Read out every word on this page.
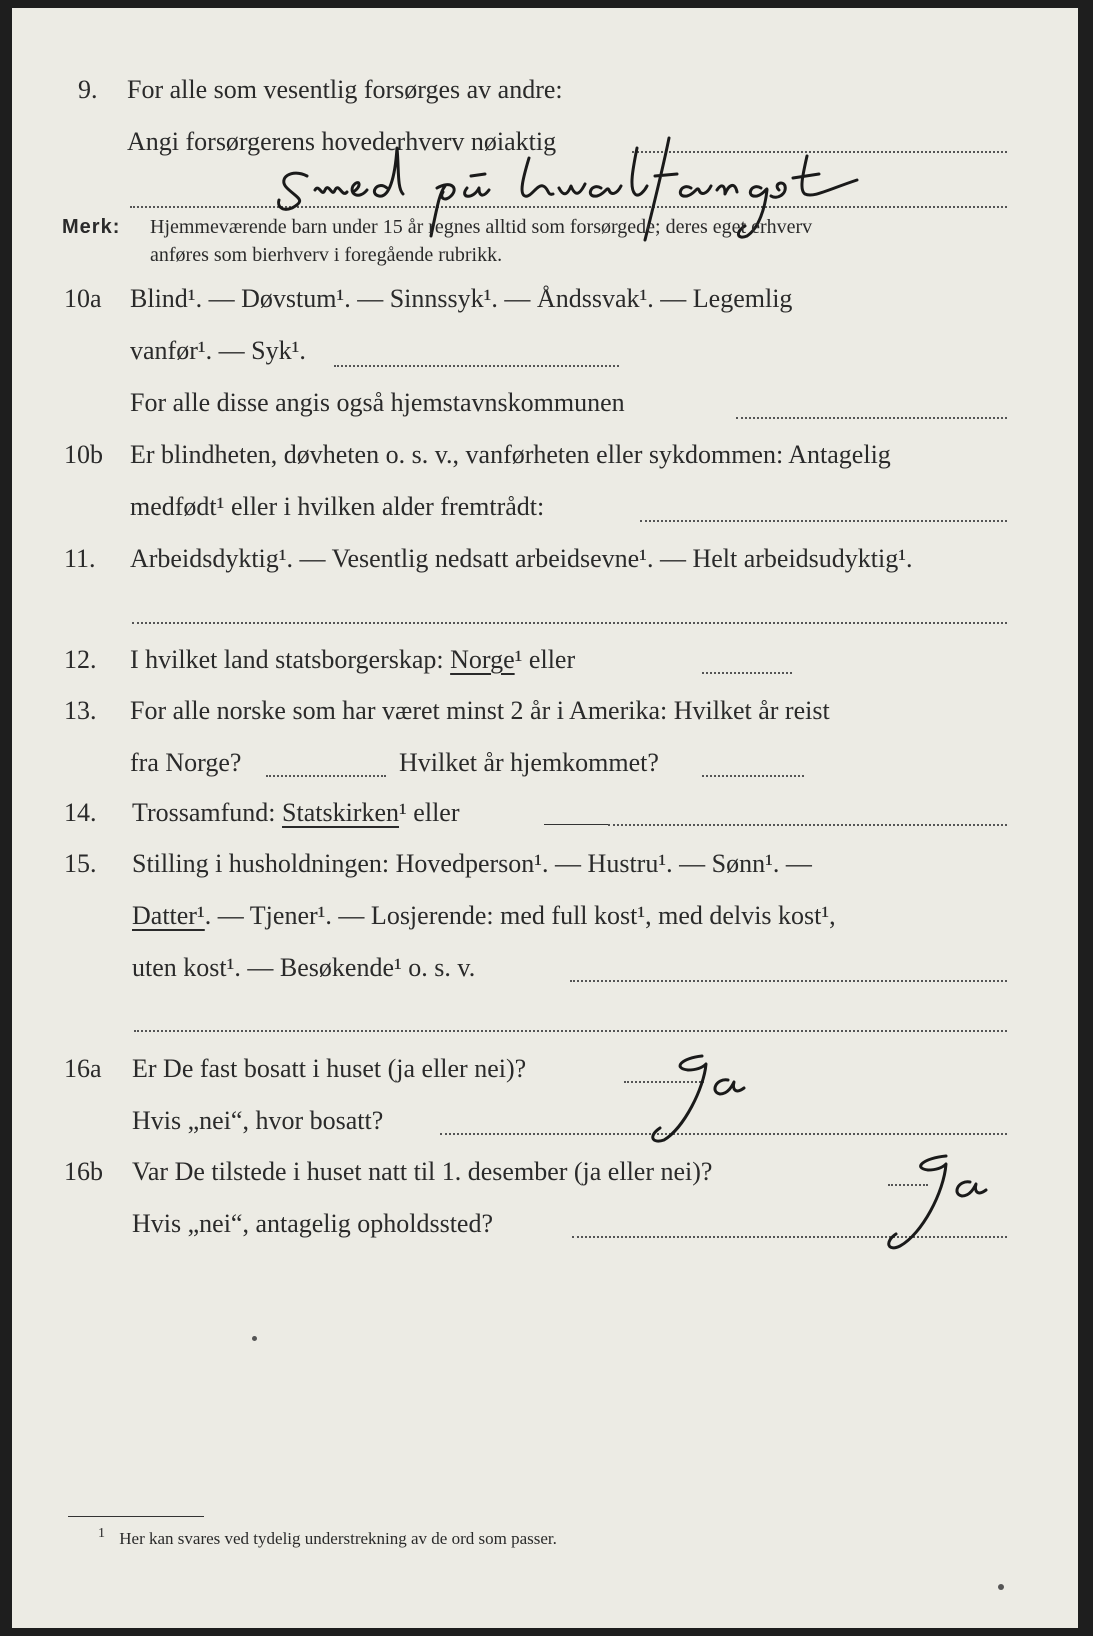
9. For alle som vesentlig forsørges av andre:
Angi forsørgerens hovederhverv nøiaktig
Merk: Hjemmeværende barn under 15 år regnes alltid som forsørgede; deres eget erhverv
anføres som bierhverv i foregående rubrikk.
10a Blind¹. — Døvstum¹. — Sinnssyk¹. — Åndssvak¹. — Legemlig
vanfør¹. — Syk¹.
For alle disse angis også hjemstavnskommunen
10b Er blindheten, døvheten o. s. v., vanførheten eller sykdommen: Antagelig
medfødt¹ eller i hvilken alder fremtrådt:
11. Arbeidsdyktig¹. — Vesentlig nedsatt arbeidsevne¹. — Helt arbeidsudyktig¹.
12. I hvilket land statsborgerskap: Norge¹ eller
13. For alle norske som har været minst 2 år i Amerika: Hvilket år reist
fra Norge?	Hvilket år hjemkommet?
14. Trossamfund: Statskirken¹ eller
15. Stilling i husholdningen: Hovedperson¹. — Hustru¹. — Sønn¹. —
Datter¹. — Tjener¹. — Losjerende: med full kost¹, med delvis kost¹,
uten kost¹. — Besøkende¹ o. s. v.
16a Er De fast bosatt i huset (ja eller nei)?
Hvis „nei“, hvor bosatt?
16b Var De tilstede i huset natt til 1. desember (ja eller nei)?
Hvis „nei“, antagelig opholdssted?
$^1$ Her kan svares ved tydelig understrekning av de ord som passer.
